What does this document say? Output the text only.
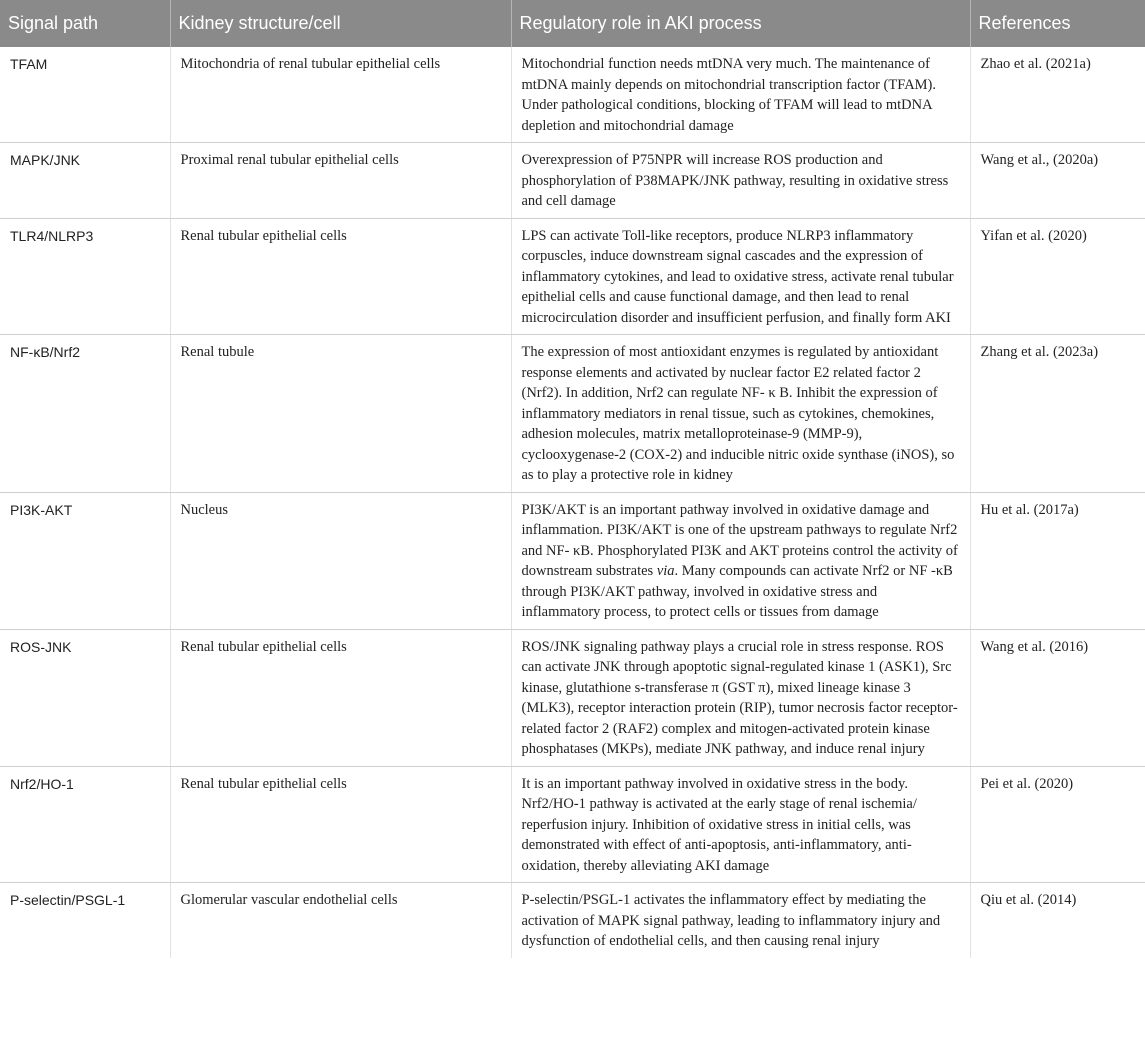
Signal path	Kidney structure/cell	Regulatory role in AKI process	References
TFAM	Mitochondria of renal tubular epithelial cells	Mitochondrial function needs mtDNA very much. The maintenance of mtDNA mainly depends on mitochondrial transcription factor (TFAM). Under pathological conditions, blocking of TFAM will lead to mtDNA depletion and mitochondrial damage	Zhao et al. (2021a)
MAPK/JNK	Proximal renal tubular epithelial cells	Overexpression of P75NPR will increase ROS production and phosphorylation of P38MAPK/JNK pathway, resulting in oxidative stress and cell damage	Wang et al., (2020a)
TLR4/NLRP3	Renal tubular epithelial cells	LPS can activate Toll-like receptors, produce NLRP3 inflammatory corpuscles, induce downstream signal cascades and the expression of inflammatory cytokines, and lead to oxidative stress, activate renal tubular epithelial cells and cause functional damage, and then lead to renal microcirculation disorder and insufficient perfusion, and finally form AKI	Yifan et al. (2020)
NF-κB/Nrf2	Renal tubule	The expression of most antioxidant enzymes is regulated by antioxidant response elements and activated by nuclear factor E2 related factor 2 (Nrf2). In addition, Nrf2 can regulate NF- κ B. Inhibit the expression of inflammatory mediators in renal tissue, such as cytokines, chemokines, adhesion molecules, matrix metalloproteinase-9 (MMP-9), cyclooxygenase-2 (COX-2) and inducible nitric oxide synthase (iNOS), so as to play a protective role in kidney	Zhang et al. (2023a)
PI3K-AKT	Nucleus	PI3K/AKT is an important pathway involved in oxidative damage and inflammation. PI3K/AKT is one of the upstream pathways to regulate Nrf2 and NF- κB. Phosphorylated PI3K and AKT proteins control the activity of downstream substrates via. Many compounds can activate Nrf2 or NF -κB through PI3K/AKT pathway, involved in oxidative stress and inflammatory process, to protect cells or tissues from damage	Hu et al. (2017a)
ROS-JNK	Renal tubular epithelial cells	ROS/JNK signaling pathway plays a crucial role in stress response. ROS can activate JNK through apoptotic signal-regulated kinase 1 (ASK1), Src kinase, glutathione s-transferase π (GST π), mixed lineage kinase 3 (MLK3), receptor interaction protein (RIP), tumor necrosis factor receptor-related factor 2 (RAF2) complex and mitogen-activated protein kinase phosphatases (MKPs), mediate JNK pathway, and induce renal injury	Wang et al. (2016)
Nrf2/HO-1	Renal tubular epithelial cells	It is an important pathway involved in oxidative stress in the body. Nrf2/HO-1 pathway is activated at the early stage of renal ischemia/ reperfusion injury. Inhibition of oxidative stress in initial cells, was demonstrated with effect of anti-apoptosis, anti-inflammatory, anti-oxidation, thereby alleviating AKI damage	Pei et al. (2020)
P-selectin/PSGL-1	Glomerular vascular endothelial cells	P-selectin/PSGL-1 activates the inflammatory effect by mediating the activation of MAPK signal pathway, leading to inflammatory injury and dysfunction of endothelial cells, and then causing renal injury	Qiu et al. (2014)
